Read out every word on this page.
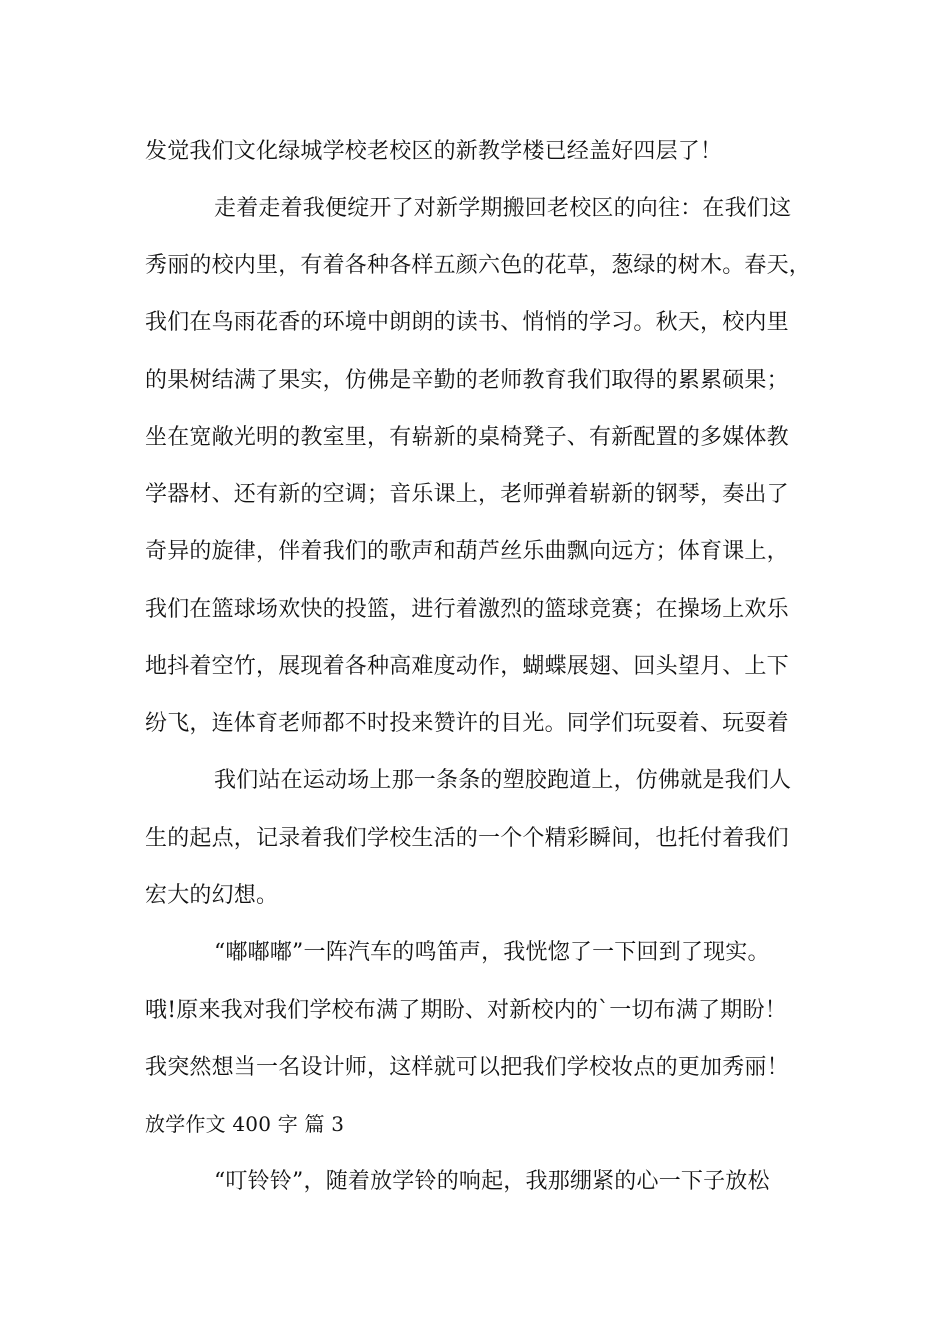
发觉我们文化绿城学校老校区的新教学楼已经盖好四层了！
走着走着我便绽开了对新学期搬回老校区的向往：在我们这
秀丽的校内里，有着各种各样五颜六色的花草，葱绿的树木。春天，
我们在鸟雨花香的环境中朗朗的读书、悄悄的学习。秋天，校内里
的果树结满了果实，仿佛是辛勤的老师教育我们取得的累累硕果；
坐在宽敞光明的教室里，有崭新的桌椅凳子、有新配置的多媒体教
学器材、还有新的空调；音乐课上，老师弹着崭新的钢琴，奏出了
奇异的旋律，伴着我们的歌声和葫芦丝乐曲飘向远方；体育课上，
我们在篮球场欢快的投篮，进行着激烈的篮球竞赛；在操场上欢乐
地抖着空竹，展现着各种高难度动作，蝴蝶展翅、回头望月、上下
纷飞，连体育老师都不时投来赞许的目光。同学们玩耍着、玩耍着
我们站在运动场上那一条条的塑胶跑道上，仿佛就是我们人
生的起点，记录着我们学校生活的一个个精彩瞬间，也托付着我们
宏大的幻想。
“嘟嘟嘟”一阵汽车的鸣笛声，我恍惚了一下回到了现实。
哦!原来我对我们学校布满了期盼、对新校内的`一切布满了期盼！
我突然想当一名设计师，这样就可以把我们学校妆点的更加秀丽！
放学作文 400 字 篇 3
“叮铃铃”，随着放学铃的响起，我那绷紧的心一下子放松
